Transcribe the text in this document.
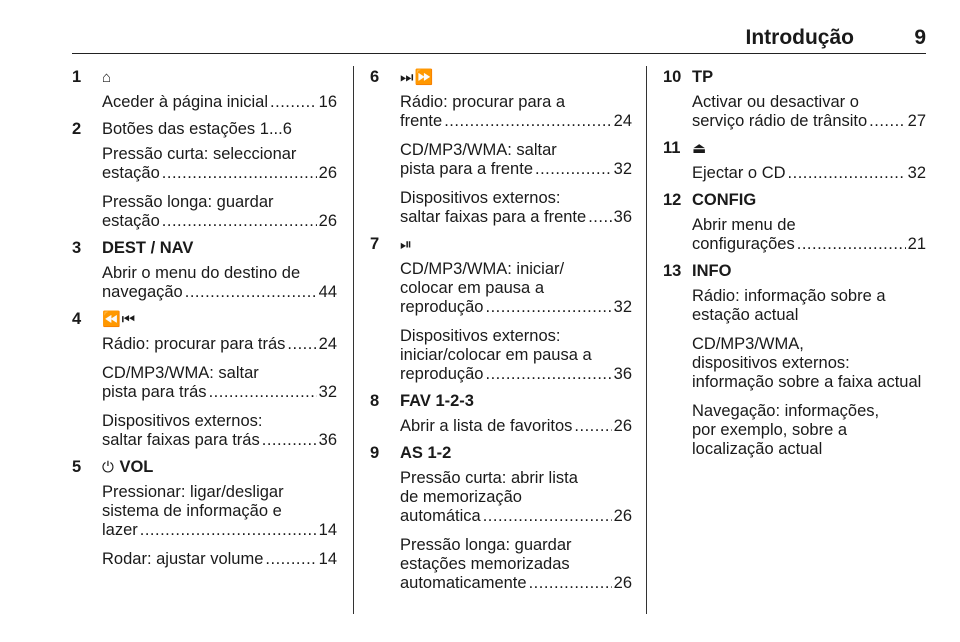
Introdução	9
1 ⌂
Aceder à página inicial .....	16
2 Botões das estações 1...6
Pressão curta: seleccionar
estação .....	26
Pressão longa: guardar
estação .....	26
3 DEST / NAV
Abrir o menu do destino de
navegação .....	44
4 ⏪⏮
Rádio: procurar para trás ..... 24
CD/MP3/WMA: saltar
pista para trás .....	32
Dispositivos externos:
saltar faixas para trás .....	36
5 ⏻ VOL
Pressionar: ligar/desligar
sistema de informação e
lazer .....	14
Rodar: ajustar volume .....	14
6 ⏭⏩
Rádio: procurar para a
frente .....	24
CD/MP3/WMA: saltar
pista para a frente .....	32
Dispositivos externos:
saltar faixas para a frente ..... 36
7 ⏯
CD/MP3/WMA: iniciar/
colocar em pausa a
reprodução .....	32
Dispositivos externos:
iniciar/colocar em pausa a
reprodução .....	36
8 FAV 1-2-3
Abrir a lista de favoritos ..... 26
9 AS 1-2
Pressão curta: abrir lista
de memorização
automática .....	26
Pressão longa: guardar
estações memorizadas
automaticamente .....	26
10 TP
Activar ou desactivar o
serviço rádio de trânsito ..... 27
11 ⏏
Ejectar o CD .....	32
12 CONFIG
Abrir menu de
configurações .....	21
13 INFO
Rádio: informação sobre a
estação actual
CD/MP3/WMA,
dispositivos externos:
informação sobre a faixa actual
Navegação: informações,
por exemplo, sobre a
localização actual
